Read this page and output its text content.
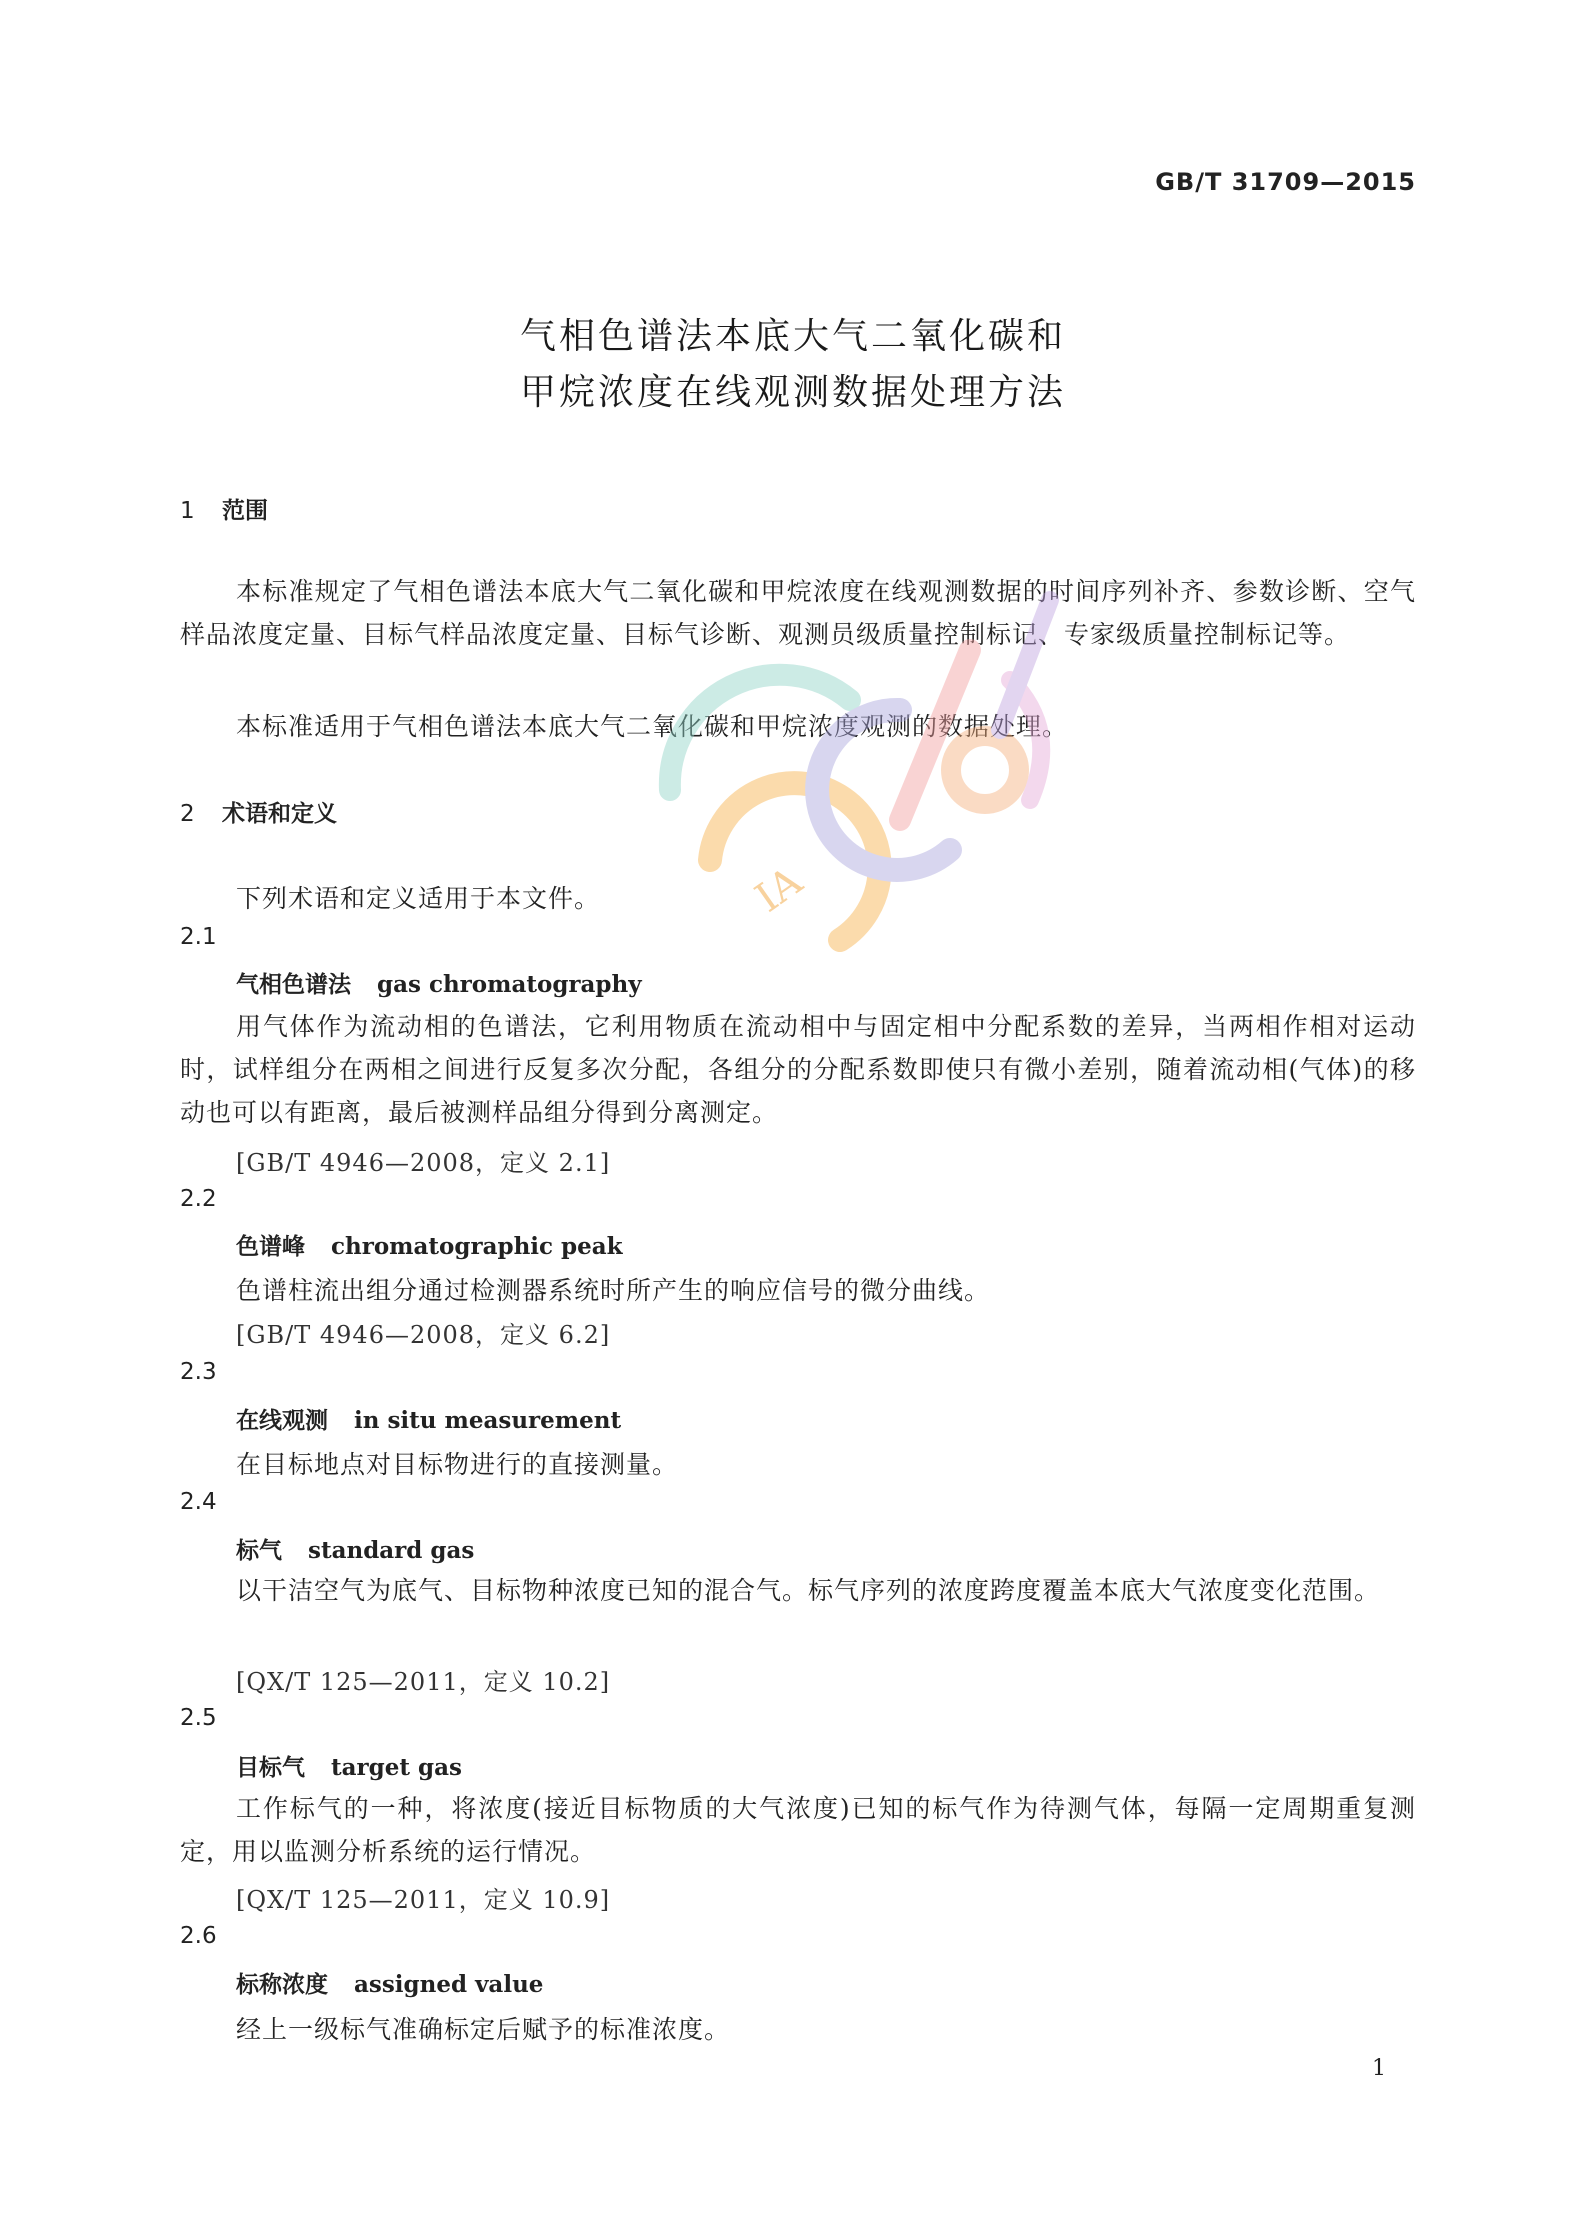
GB/T 31709—2015
气相色谱法本底大气二氧化碳和
甲烷浓度在线观测数据处理方法
1 范围
本标准规定了气相色谱法本底大气二氧化碳和甲烷浓度在线观测数据的时间序列补齐、参数诊断、空气样品浓度定量、目标气样品浓度定量、目标气诊断、观测员级质量控制标记、专家级质量控制标记等。
本标准适用于气相色谱法本底大气二氧化碳和甲烷浓度观测的数据处理。
2 术语和定义
下列术语和定义适用于本文件。
2.1
气相色谱法 gas chromatography
用气体作为流动相的色谱法，它利用物质在流动相中与固定相中分配系数的差异，当两相作相对运动时，试样组分在两相之间进行反复多次分配，各组分的分配系数即使只有微小差别，随着流动相(气体)的移动也可以有距离，最后被测样品组分得到分离测定。
[GB/T 4946—2008，定义 2.1]
2.2
色谱峰 chromatographic peak
色谱柱流出组分通过检测器系统时所产生的响应信号的微分曲线。
[GB/T 4946—2008，定义 6.2]
2.3
在线观测 in situ measurement
在目标地点对目标物进行的直接测量。
2.4
标气 standard gas
以干洁空气为底气、目标物种浓度已知的混合气。标气序列的浓度跨度覆盖本底大气浓度变化范围。
[QX/T 125—2011，定义 10.2]
2.5
目标气 target gas
工作标气的一种，将浓度(接近目标物质的大气浓度)已知的标气作为待测气体，每隔一定周期重复测定，用以监测分析系统的运行情况。
[QX/T 125—2011，定义 10.9]
2.6
标称浓度 assigned value
经上一级标气准确标定后赋予的标准浓度。
1
IA
